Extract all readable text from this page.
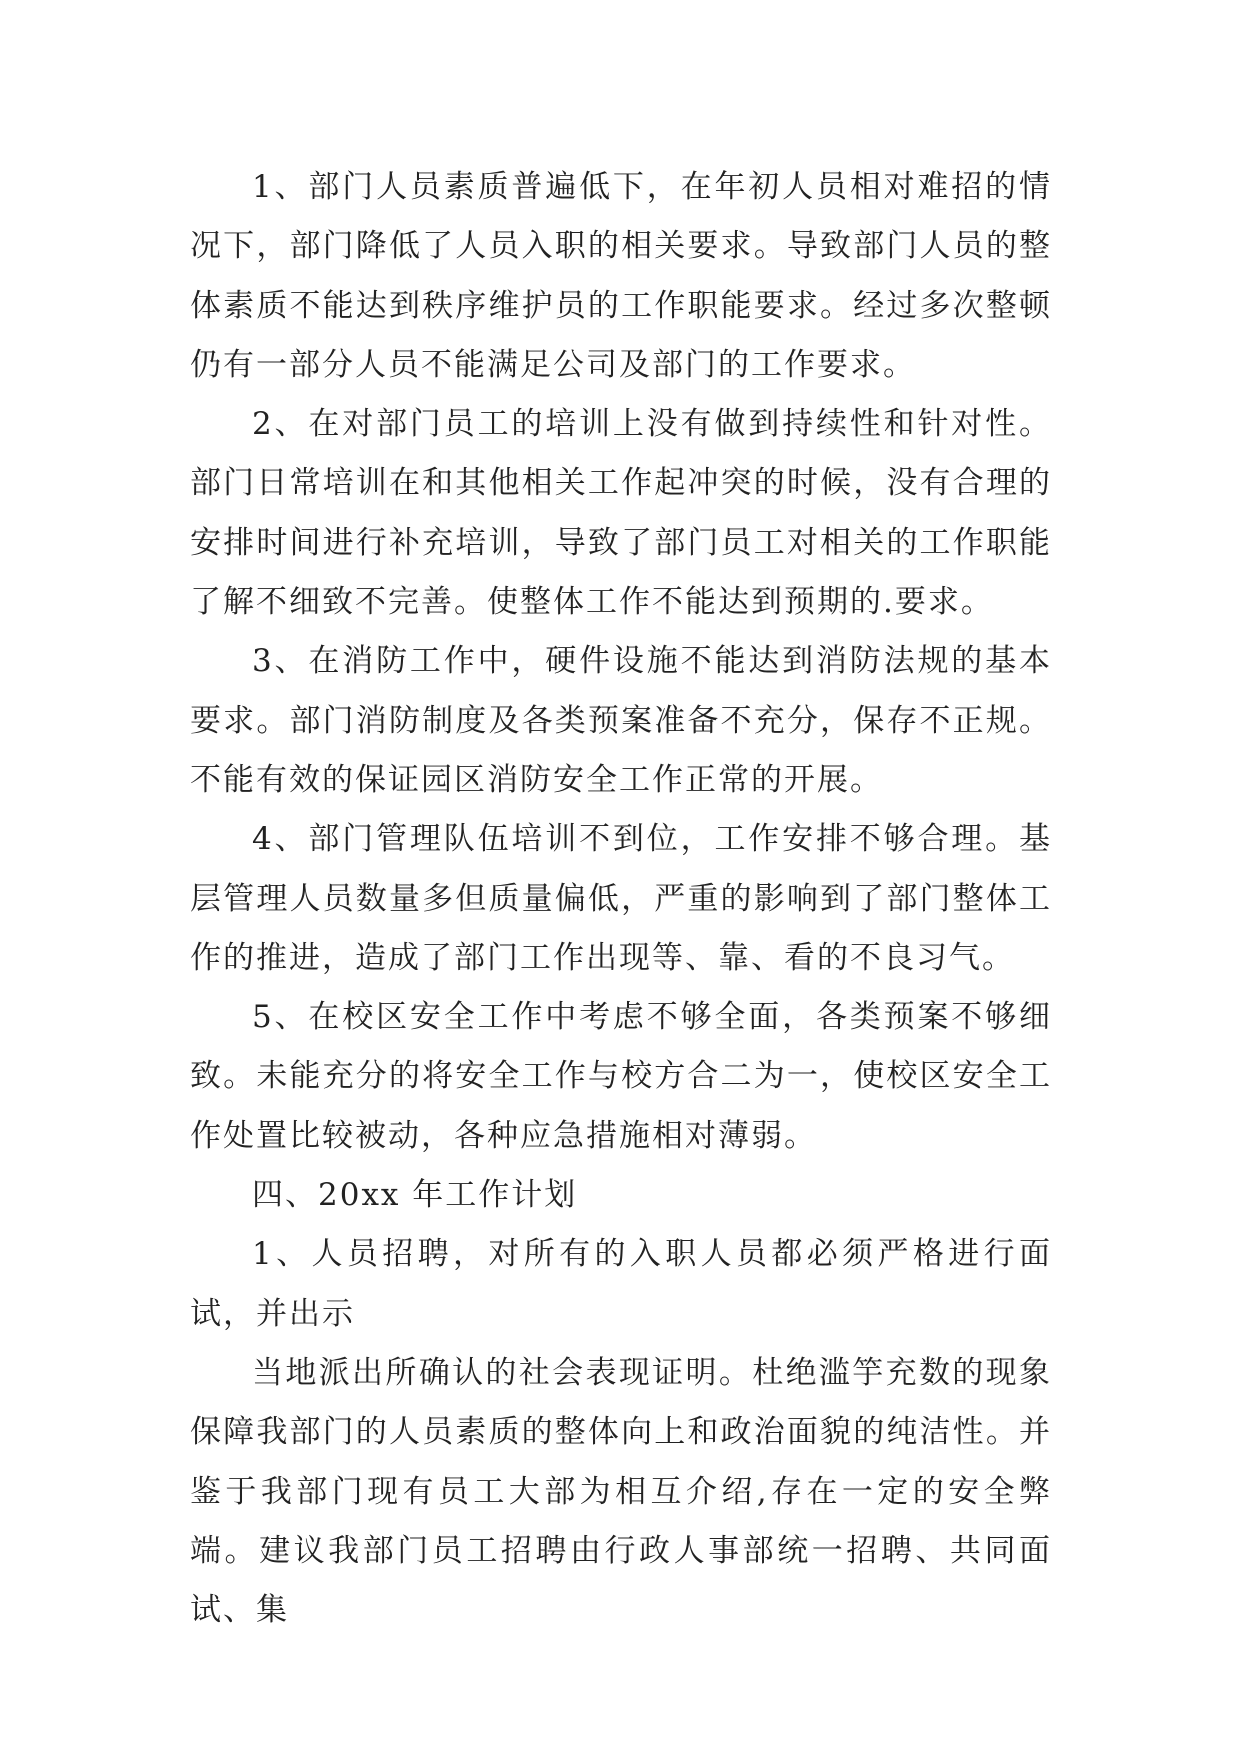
1、部门人员素质普遍低下，在年初人员相对难招的情况下，部门降低了人员入职的相关要求。导致部门人员的整体素质不能达到秩序维护员的工作职能要求。经过多次整顿仍有一部分人员不能满足公司及部门的工作要求。

2、在对部门员工的培训上没有做到持续性和针对性。部门日常培训在和其他相关工作起冲突的时候，没有合理的安排时间进行补充培训，导致了部门员工对相关的工作职能了解不细致不完善。使整体工作不能达到预期的.要求。

3、在消防工作中，硬件设施不能达到消防法规的基本要求。部门消防制度及各类预案准备不充分，保存不正规。不能有效的保证园区消防安全工作正常的开展。

4、部门管理队伍培训不到位，工作安排不够合理。基层管理人员数量多但质量偏低，严重的影响到了部门整体工作的推进，造成了部门工作出现等、靠、看的不良习气。

5、在校区安全工作中考虑不够全面，各类预案不够细致。未能充分的将安全工作与校方合二为一，使校区安全工作处置比较被动，各种应急措施相对薄弱。

四、20xx 年工作计划

1、人员招聘，对所有的入职人员都必须严格进行面试，并出示

当地派出所确认的社会表现证明。杜绝滥竽充数的现象保障我部门的人员素质的整体向上和政治面貌的纯洁性。并鉴于我部门现有员工大部为相互介绍,存在一定的安全弊端。建议我部门员工招聘由行政人事部统一招聘、共同面试、集
